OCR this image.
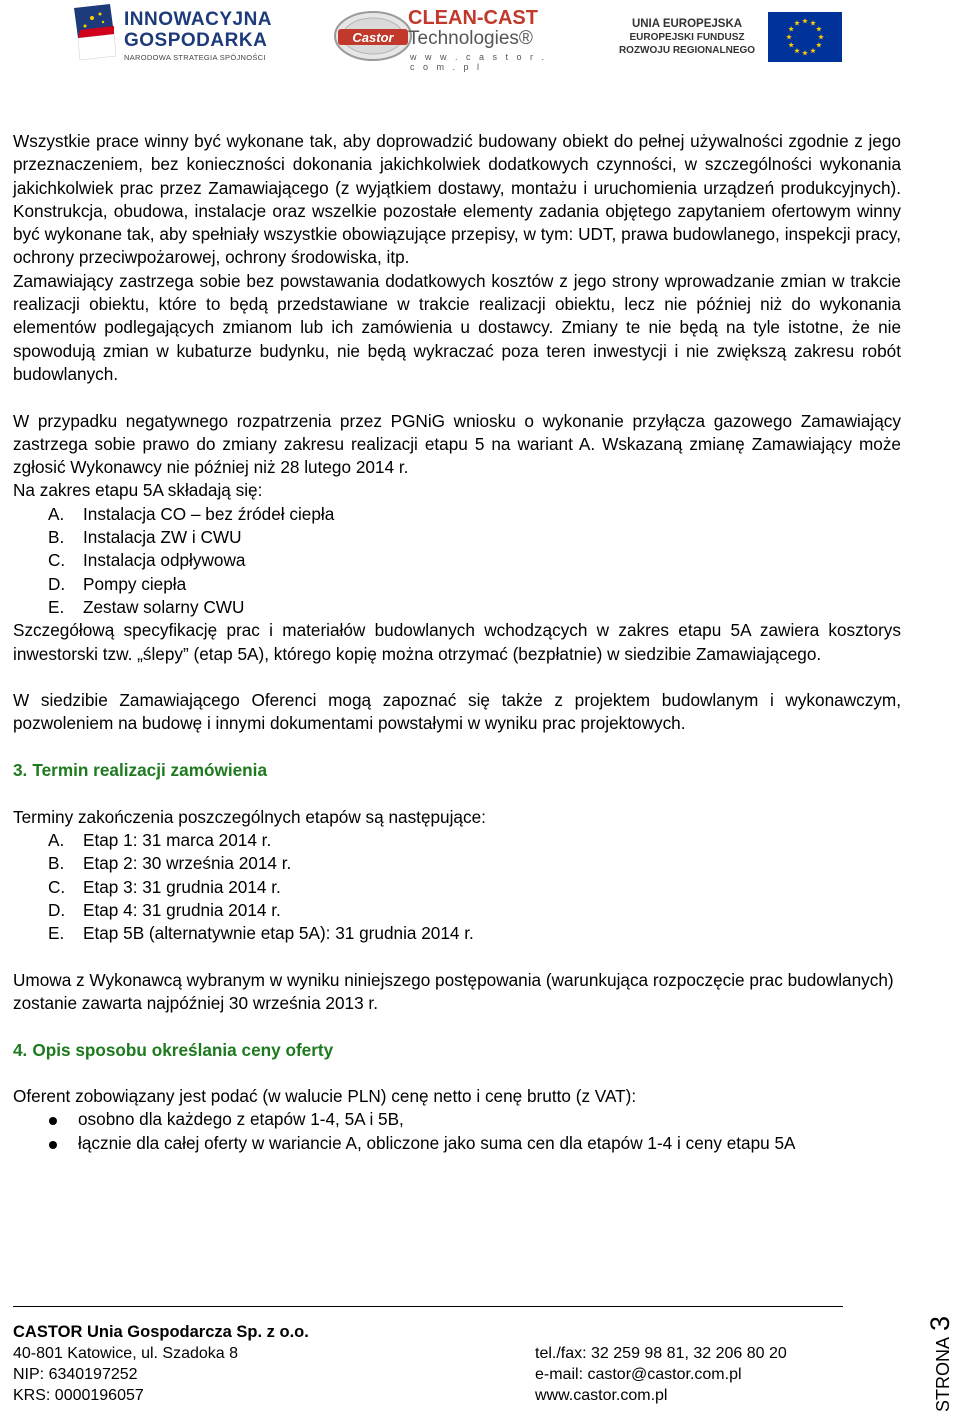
INNOWACYJNA
GOSPODARKA
NARODOWA STRATEGIA SPÓJNOŚCI
Castor
CLEAN-CAST
Technologies®
w w w . c a s t o r . c o m . p l
UNIA EUROPEJSKA
EUROPEJSKI FUNDUSZ
ROZWOJU REGIONALNEGO

Wszystkie prace winny być wykonane tak, aby doprowadzić budowany obiekt do pełnej używalności zgodnie z jego przeznaczeniem, bez konieczności dokonania jakichkolwiek dodatkowych czynności, w szczególności wykonania jakichkolwiek prac przez Zamawiającego (z wyjątkiem dostawy, montażu i uruchomienia urządzeń produkcyjnych). Konstrukcja, obudowa, instalacje oraz wszelkie pozostałe elementy zadania objętego zapytaniem ofertowym winny być wykonane tak, aby spełniały wszystkie obowiązujące przepisy, w tym: UDT, prawa budowlanego, inspekcji pracy, ochrony przeciwpożarowej, ochrony środowiska, itp.

Zamawiający zastrzega sobie bez powstawania dodatkowych kosztów z jego strony wprowadzanie zmian w trakcie realizacji obiektu, które to będą przedstawiane w trakcie realizacji obiektu, lecz nie później niż do wykonania elementów podlegających zmianom lub ich zamówienia u dostawcy. Zmiany te nie będą na tyle istotne, że nie spowodują zmian w kubaturze budynku, nie będą wykraczać poza teren inwestycji i nie zwiększą zakresu robót budowlanych.

W przypadku negatywnego rozpatrzenia przez PGNiG wniosku o wykonanie przyłącza gazowego Zamawiający zastrzega sobie prawo do zmiany zakresu realizacji etapu 5 na wariant A. Wskazaną zmianę Zamawiający może zgłosić Wykonawcy nie później niż 28 lutego 2014 r.

Na zakres etapu 5A składają się:

A.	Instalacja CO – bez źródeł ciepła
B.	Instalacja ZW i CWU
C.	Instalacja odpływowa
D.	Pompy ciepła
E.	Zestaw solarny CWU

Szczegółową specyfikację prac i materiałów budowlanych wchodzących w zakres etapu 5A zawiera kosztorys inwestorski tzw. „ślepy” (etap 5A), którego kopię można otrzymać (bezpłatnie) w siedzibie Zamawiającego.

W siedzibie Zamawiającego Oferenci mogą zapoznać się także z projektem budowlanym i wykonawczym, pozwoleniem na budowę i innymi dokumentami powstałymi w wyniku prac projektowych.

3. Termin realizacji zamówienia

Terminy zakończenia poszczególnych etapów są następujące:

A.	Etap 1: 31 marca 2014 r.
B.	Etap 2: 30 września 2014 r.
C.	Etap 3: 31 grudnia 2014 r.
D.	Etap 4: 31 grudnia 2014 r.
E.	Etap 5B (alternatywnie etap 5A): 31 grudnia 2014 r.

Umowa z Wykonawcą wybranym w wyniku niniejszego postępowania (warunkująca rozpoczęcie prac budowlanych) zostanie zawarta najpóźniej 30 września 2013 r.

4. Opis sposobu określania ceny oferty

Oferent zobowiązany jest podać (w walucie PLN) cenę netto i cenę brutto (z VAT):

osobno dla każdego z etapów 1-4, 5A i 5B,
łącznie dla całej oferty w wariancie A, obliczone jako suma cen dla etapów 1-4 i ceny etapu 5A
CASTOR Unia Gospodarcza Sp. z o.o.
40-801 Katowice, ul. Szadoka 8	tel./fax: 32 259 98 81, 32 206 80 20
NIP: 6340197252	e-mail: castor@castor.com.pl
KRS: 0000196057	www.castor.com.pl	STRONA3
